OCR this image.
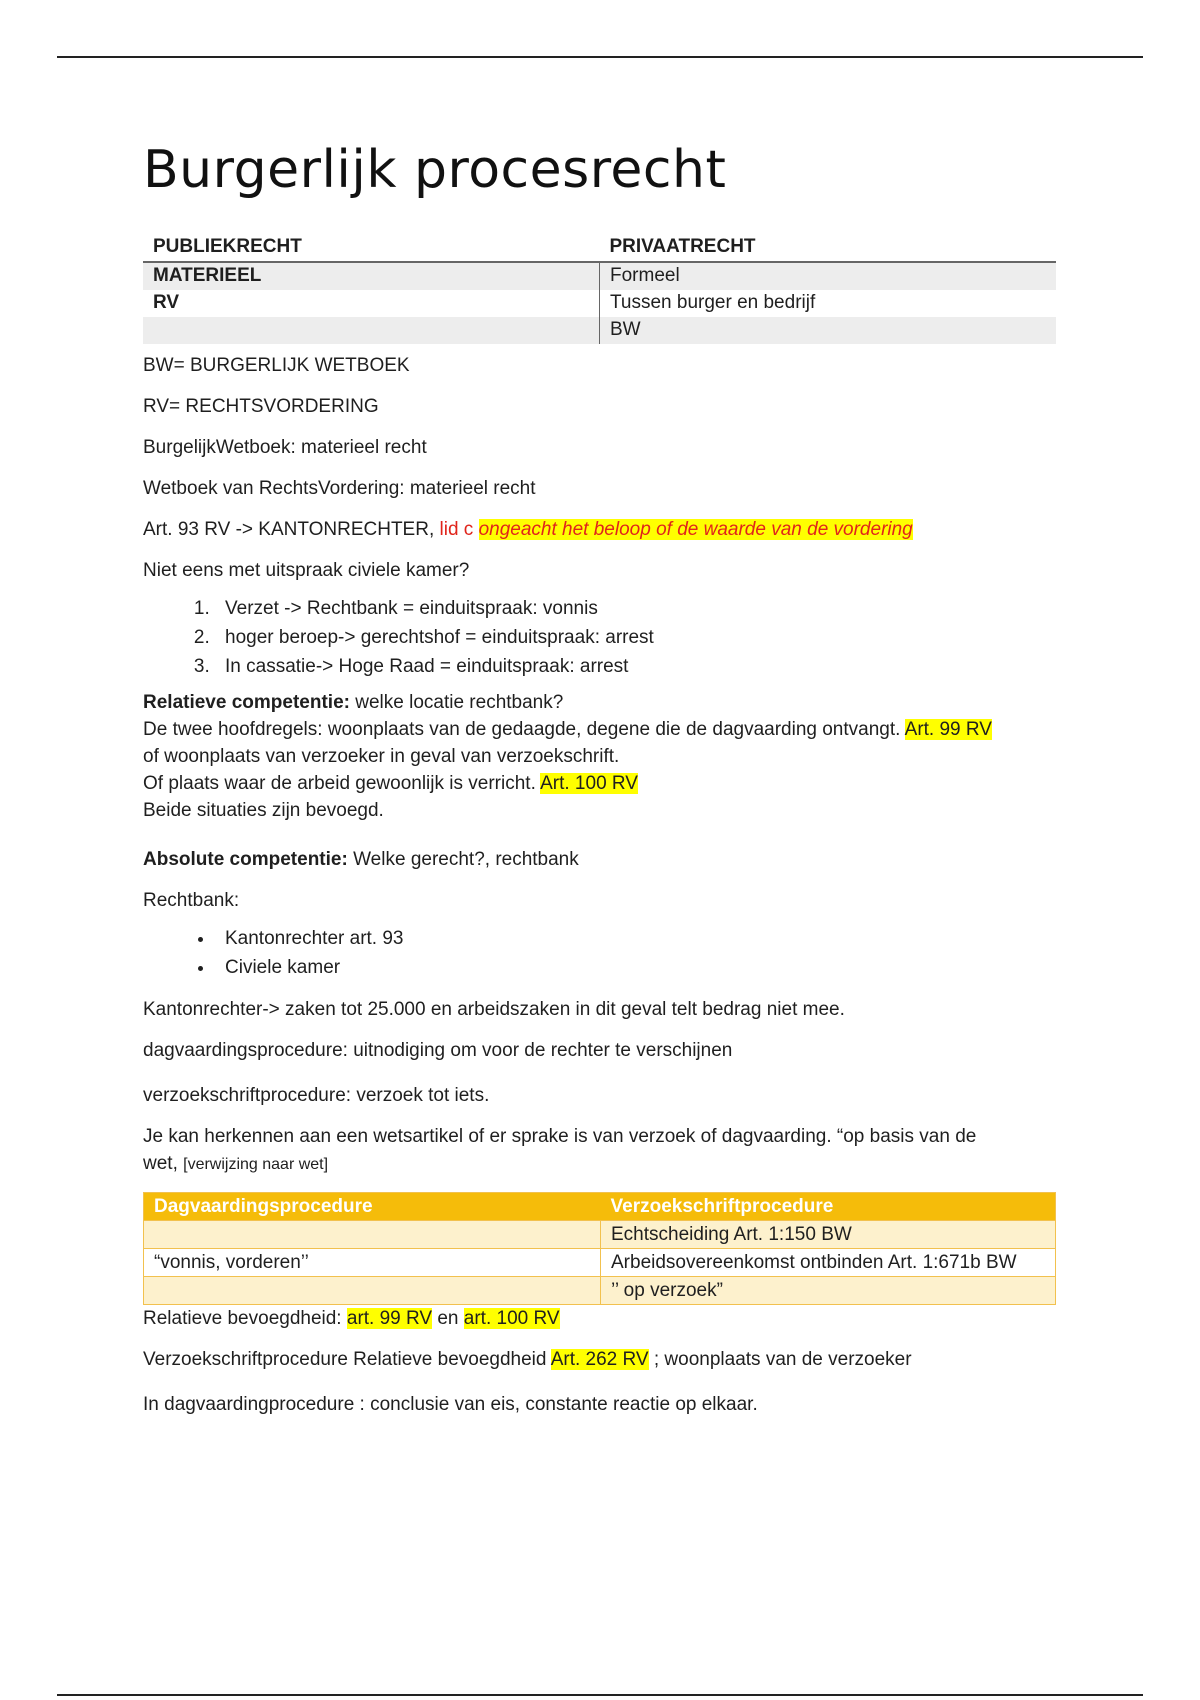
Burgerlijk procesrecht
PUBLIEKRECHT	PRIVAATRECHT
MATERIEEL	Formeel
RV	Tussen burger en bedrijf
	BW

BW= BURGERLIJK WETBOEK

RV= RECHTSVORDERING

BurgelijkWetboek: materieel recht

Wetboek van RechtsVordering: materieel recht

Art. 93 RV -> KANTONRECHTER, lid c ongeacht het beloop of de waarde van de vordering

Niet eens met uitspraak civiele kamer?

1. Verzet -> Rechtbank = einduitspraak: vonnis
2. hoger beroep-> gerechtshof = einduitspraak: arrest
3. In cassatie-> Hoge Raad = einduitspraak: arrest

Relatieve competentie: welke locatie rechtbank?

De twee hoofdregels: woonplaats van de gedaagde, degene die de dagvaarding ontvangt. Art. 99 RV

of woonplaats van verzoeker in geval van verzoekschrift.

Of plaats waar de arbeid gewoonlijk is verricht. Art. 100 RV

Beide situaties zijn bevoegd.

Absolute competentie: Welke gerecht?, rechtbank

Rechtbank:

• Kantonrechter art. 93
• Civiele kamer

Kantonrechter-> zaken tot 25.000 en arbeidszaken in dit geval telt bedrag niet mee.

dagvaardingsprocedure: uitnodiging om voor de rechter te verschijnen

verzoekschriftprocedure: verzoek tot iets.

Je kan herkennen aan een wetsartikel of er sprake is van verzoek of dagvaarding. “op basis van de
wet, [verwijzing naar wet]

Dagvaardingsprocedure	Verzoekschriftprocedure
	Echtscheiding Art. 1:150 BW
“vonnis, vorderen’’	Arbeidsovereenkomst ontbinden Art. 1:671b BW
	’’ op verzoek”

Relatieve bevoegdheid: art. 99 RV en art. 100 RV

Verzoekschriftprocedure Relatieve bevoegdheid Art. 262 RV ; woonplaats van de verzoeker

In dagvaardingprocedure : conclusie van eis, constante reactie op elkaar.
